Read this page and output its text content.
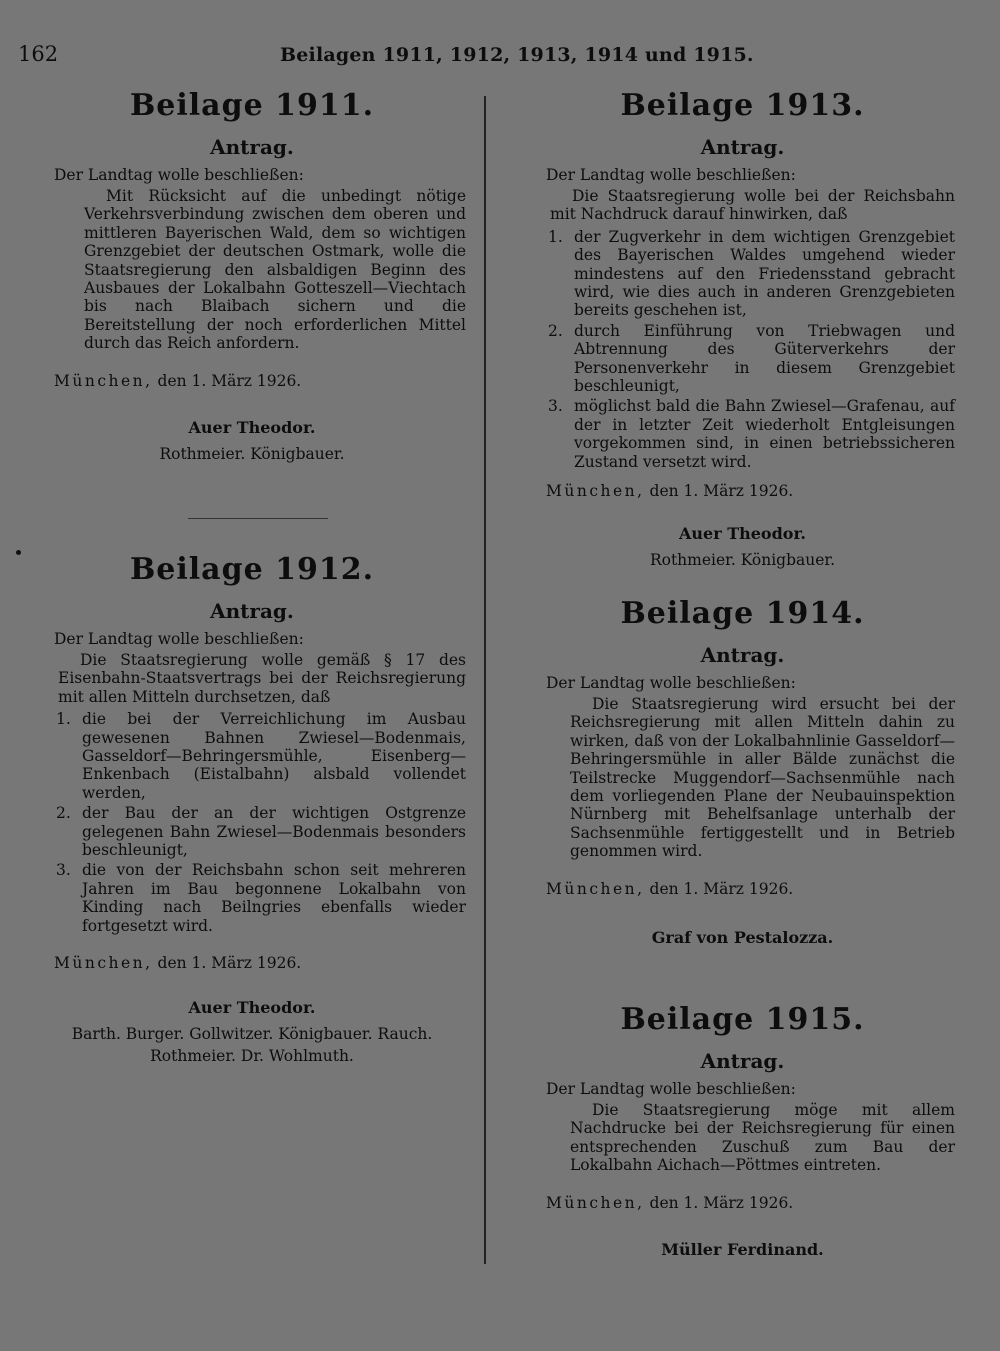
162	Beilagen 1911, 1912, 1913, 1914 und 1915.
Beilage 1911.
Antrag.
Der Landtag wolle beschließen:

Mit Rücksicht auf die unbedingt nötige Verkehrsverbindung zwischen dem oberen und mittleren Bayerischen Wald, dem so wichtigen Grenzgebiet der deutschen Ostmark, wolle die Staatsregierung den alsbaldigen Beginn des Ausbaues der Lokalbahn Gotteszell—Viechtach bis nach Blaibach sichern und die Bereitstellung der noch erforderlichen Mittel durch das Reich anfordern.

München, den 1. März 1926.
Auer Theodor.
Rothmeier. Königbauer.
Beilage 1912.
Antrag.
Der Landtag wolle beschließen:

Die Staatsregierung wolle gemäß § 17 des Eisenbahn-Staatsvertrags bei der Reichsregierung mit allen Mitteln durchsetzen, daß

1. die bei der Verreichlichung im Ausbau gewesenen Bahnen Zwiesel—Bodenmais, Gasseldorf—Behringersmühle, Eisenberg—Enkenbach (Eistalbahn) alsbald vollendet werden,
2. der Bau der an der wichtigen Ostgrenze gelegenen Bahn Zwiesel—Bodenmais besonders beschleunigt,
3. die von der Reichsbahn schon seit mehreren Jahren im Bau begonnene Lokalbahn von Kinding nach Beilngries ebenfalls wieder fortgesetzt wird.
München, den 1. März 1926.
Auer Theodor.
Barth. Burger. Gollwitzer. Königbauer. Rauch.
Rothmeier. Dr. Wohlmuth.
Beilage 1913.
Antrag.
Der Landtag wolle beschließen:

Die Staatsregierung wolle bei der Reichsbahn mit Nachdruck darauf hinwirken, daß

1. der Zugverkehr in dem wichtigen Grenzgebiet des Bayerischen Waldes umgehend wieder mindestens auf den Friedensstand gebracht wird, wie dies auch in anderen Grenzgebieten bereits geschehen ist,
2. durch Einführung von Triebwagen und Abtrennung des Güterverkehrs der Personenverkehr in diesem Grenzgebiet beschleunigt,
3. möglichst bald die Bahn Zwiesel—Grafenau, auf der in letzter Zeit wiederholt Entgleisungen vorgekommen sind, in einen betriebssicheren Zustand versetzt wird.
München, den 1. März 1926.
Auer Theodor.
Rothmeier. Königbauer.
Beilage 1914.
Antrag.
Der Landtag wolle beschließen:

Die Staatsregierung wird ersucht bei der Reichsregierung mit allen Mitteln dahin zu wirken, daß von der Lokalbahnlinie Gasseldorf—Behringersmühle in aller Bälde zunächst die Teilstrecke Muggendorf—Sachsenmühle nach dem vorliegenden Plane der Neubauinspektion Nürnberg mit Behelfsanlage unterhalb der Sachsenmühle fertiggestellt und in Betrieb genommen wird.

München, den 1. März 1926.
Graf von Pestalozza.
Beilage 1915.
Antrag.
Der Landtag wolle beschließen:

Die Staatsregierung möge mit allem Nachdrucke bei der Reichsregierung für einen entsprechenden Zuschuß zum Bau der Lokalbahn Aichach—Pöttmes eintreten.

München, den 1. März 1926.
Müller Ferdinand.
